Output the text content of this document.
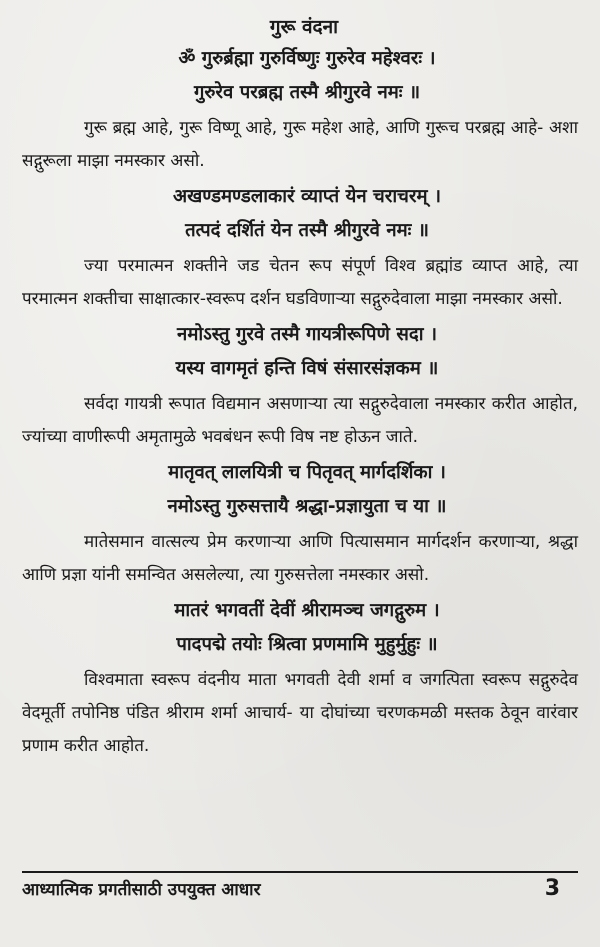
गुरू वंदना
ॐ गुरुर्ब्रह्मा गुरुर्विष्णुः गुरुरेव महेश्वरः ।
गुरुरेव परब्रह्म तस्मै श्रीगुरवे नमः ॥
गुरू ब्रह्म आहे, गुरू विष्णू आहे, गुरू महेश आहे, आणि गुरूच परब्रह्म आहे- अशा सद्गुरूला माझा नमस्कार असो.
अखण्डमण्डलाकारं व्याप्तं येन चराचरम् ।
तत्पदं दर्शितं येन तस्मै श्रीगुरवे नमः ॥
ज्या परमात्मन शक्तीने जड चेतन रूप संपूर्ण विश्व ब्रह्मांड व्याप्त आहे, त्या परमात्मन शक्तीचा साक्षात्कार-स्वरूप दर्शन घडविणाऱ्या सद्गुरुदेवाला माझा नमस्कार असो.
नमोऽस्तु गुरवे तस्मै गायत्रीरूपिणे सदा ।
यस्य वागमृतं हन्ति विषं संसारसंज्ञकम ॥
सर्वदा गायत्री रूपात विद्यमान असणाऱ्या त्या सद्गुरुदेवाला नमस्कार करीत आहोत, ज्यांच्या वाणीरूपी अमृतामुळे भवबंधन रूपी विष नष्ट होऊन जाते.
मातृवत् लालयित्री च पितृवत् मार्गदर्शिका ।
नमोऽस्तु गुरुसत्तायै श्रद्धा-प्रज्ञायुता च या ॥
मातेसमान वात्सल्य प्रेम करणाऱ्या आणि पित्यासमान मार्गदर्शन करणाऱ्या, श्रद्धा आणि प्रज्ञा यांनी समन्वित असलेल्या, त्या गुरुसत्तेला नमस्कार असो.
मातरं भगवतीं देवीं श्रीरामञ्च जगद्गुरुम ।
पादपद्मे तयोः श्रित्वा प्रणमामि मुहुर्मुहुः ॥
विश्वमाता स्वरूप वंदनीय माता भगवती देवी शर्मा व जगत्पिता स्वरूप सद्गुरुदेव वेदमूर्ती तपोनिष्ठ पंडित श्रीराम शर्मा आचार्य- या दोघांच्या चरणकमळी मस्तक ठेवून वारंवार प्रणाम करीत आहोत.
आध्यात्मिक प्रगतीसाठी उपयुक्त आधार	3
